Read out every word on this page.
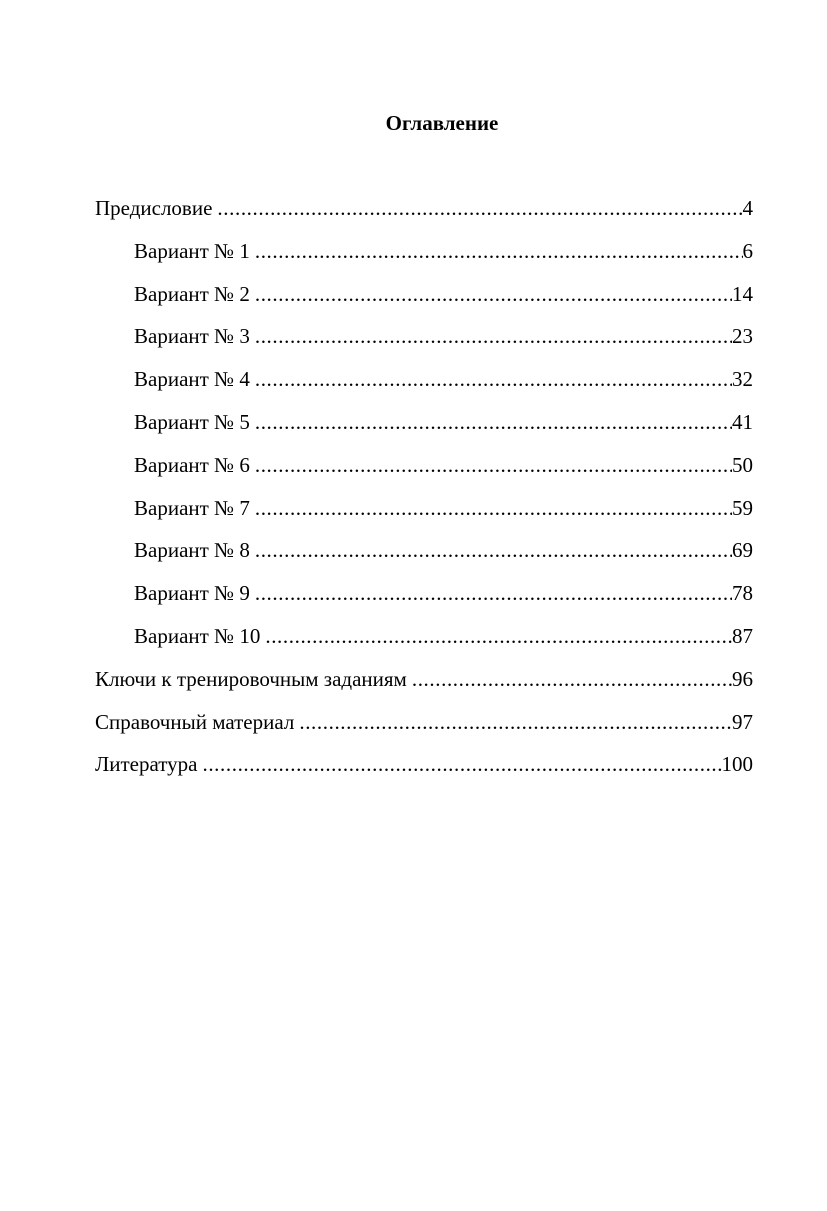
Оглавление
Предисловие .....	4
Вариант № 1 .....	6
Вариант № 2 .....	14
Вариант № 3 .....	23
Вариант № 4 .....	32
Вариант № 5 .....	41
Вариант № 6 .....	50
Вариант № 7 .....	59
Вариант № 8 .....	69
Вариант № 9 .....	78
Вариант № 10 .....	87
Ключи к тренировочным заданиям .....	96
Справочный материал .....	97
Литература .....	100
